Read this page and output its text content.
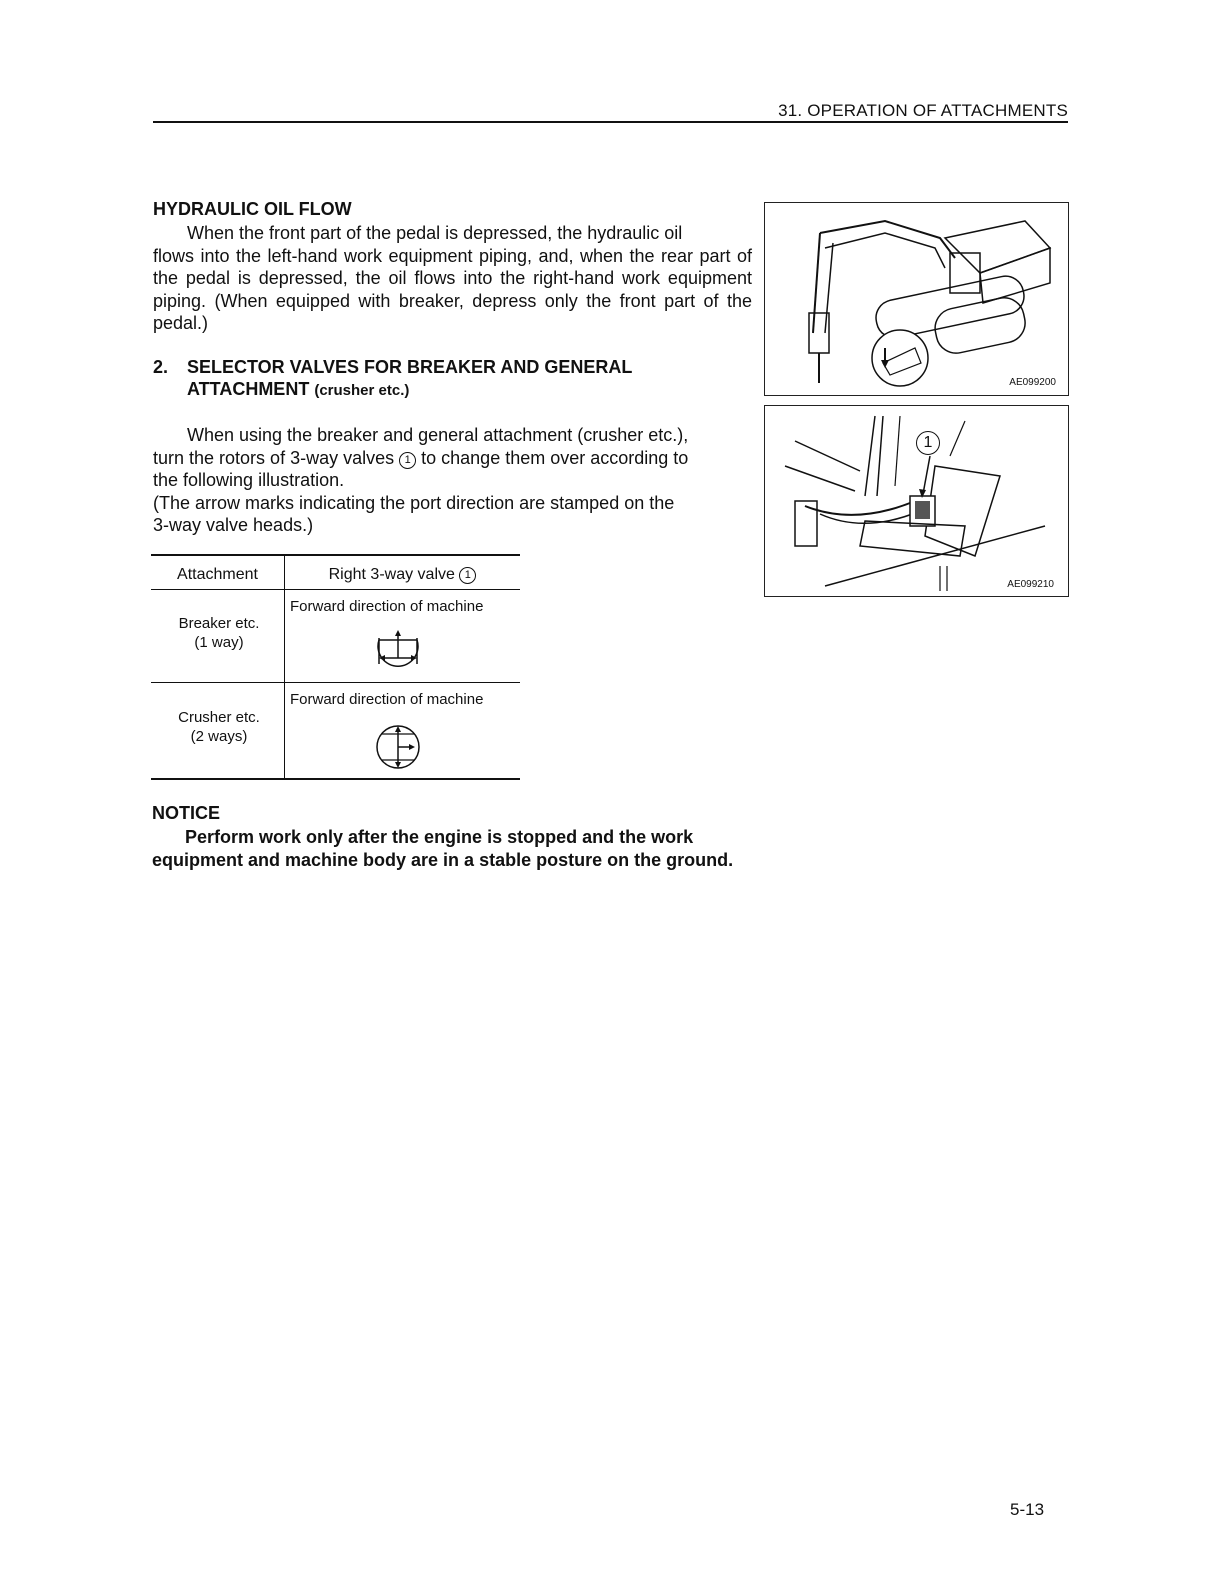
31. OPERATION OF ATTACHMENTS
HYDRAULIC OIL FLOW
When the front part of the pedal is depressed, the hydraulic oil
flows into the left-hand work equipment piping, and, when the rear part of the pedal is depressed, the oil flows into the right-hand work equipment piping. (When equipped with breaker, depress only the front part of the pedal.)
2. SELECTOR VALVES FOR BREAKER AND GENERAL
ATTACHMENT (crusher etc.)
When using the breaker and general attachment (crusher etc.),
turn the rotors of 3-way valves 1 to change them over according to
the following illustration.
(The arrow marks indicating the port direction are stamped on the
3-way valve heads.)
Attachment	Right 3-way valve 1
Breaker etc.
(1 way)
Forward direction of machine
Crusher etc.
(2 ways)
Forward direction of machine
AE099200
1
AE099210
NOTICE
Perform work only after the engine is stopped and the work
equipment and machine body are in a stable posture on the ground.
5-13
